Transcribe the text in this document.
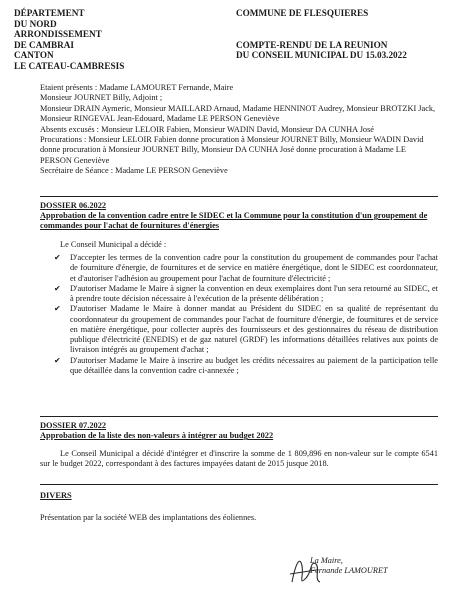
DÉPARTEMENT
DU NORD
ARRONDISSEMENT
DE CAMBRAI
CANTON
LE CATEAU-CAMBRESIS
COMMUNE DE FLESQUIERES
COMPTE-RENDU DE LA REUNION
DU CONSEIL MUNICIPAL DU 15.03.2022
Etaient présents : Madame LAMOURET Fernande, Maire
Monsieur JOURNET Billy, Adjoint ;
Monsieur DRAIN Aymeric, Monsieur MAILLARD Arnaud, Madame HENNINOT Audrey, Monsieur BROTZKI Jack, Monsieur RINGEVAL Jean-Edouard, Madame LE PERSON Geneviève
Absents excusés : Monsieur LELOIR Fabien, Monsieur WADIN David, Monsieur DA CUNHA José
Procurations : Monsieur LELOIR Fabien donne procuration à Monsieur JOURNET Billy, Monsieur WADIN David donne procuration à Monsieur JOURNET Billy, Monsieur DA CUNHA José donne procuration à Madame LE PERSON Geneviève
Secrétaire de Séance : Madame LE PERSON Geneviève
DOSSIER 06.2022
Approbation de la convention cadre entre le SIDEC et la Commune pour la constitution d'un groupement de commandes pour l'achat de fournitures d'énergies
Le Conseil Municipal a décidé :
✔ D'accepter les termes de la convention cadre pour la constitution du groupement de commandes pour l'achat de fourniture d'énergie, de fournitures et de service en matière énergétique, dont le SIDEC est coordonnateur, et d'autoriser l'adhésion au groupement pour l'achat de fourniture d'électricité ;
✔ D'autoriser Madame le Maire à signer la convention en deux exemplaires dont l'un sera retourné au SIDEC, et à prendre toute décision nécessaire à l'exécution de la présente délibération ;
✔ D'autoriser Madame le Maire à donner mandat au Président du SIDEC en sa qualité de représentant du coordonnateur du groupement de commandes pour l'achat de fourniture d'énergie, de fournitures et de service en matière énergétique, pour collecter auprès des fournisseurs et des gestionnaires du réseau de distribution publique d'électricité (ENEDIS) et de gaz naturel (GRDF) les informations détaillées relatives aux points de livraison intégrés au groupement d'achat ;
✔ D'autoriser Madame le Maire à inscrire au budget les crédits nécessaires au paiement de la participation telle que détaillée dans la convention cadre ci-annexée ;
DOSSIER 07.2022
Approbation de la liste des non-valeurs à intégrer au budget 2022
Le Conseil Municipal a décidé d'intégrer et d'inscrire la somme de 1 809,896 en non-valeur sur le compte 6541 sur le budget 2022, correspondant à des factures impayées datant de 2015 jusque 2018.
DIVERS
Présentation par la société WEB des implantations des éoliennes.
La Maire,
Fernande LAMOURET
